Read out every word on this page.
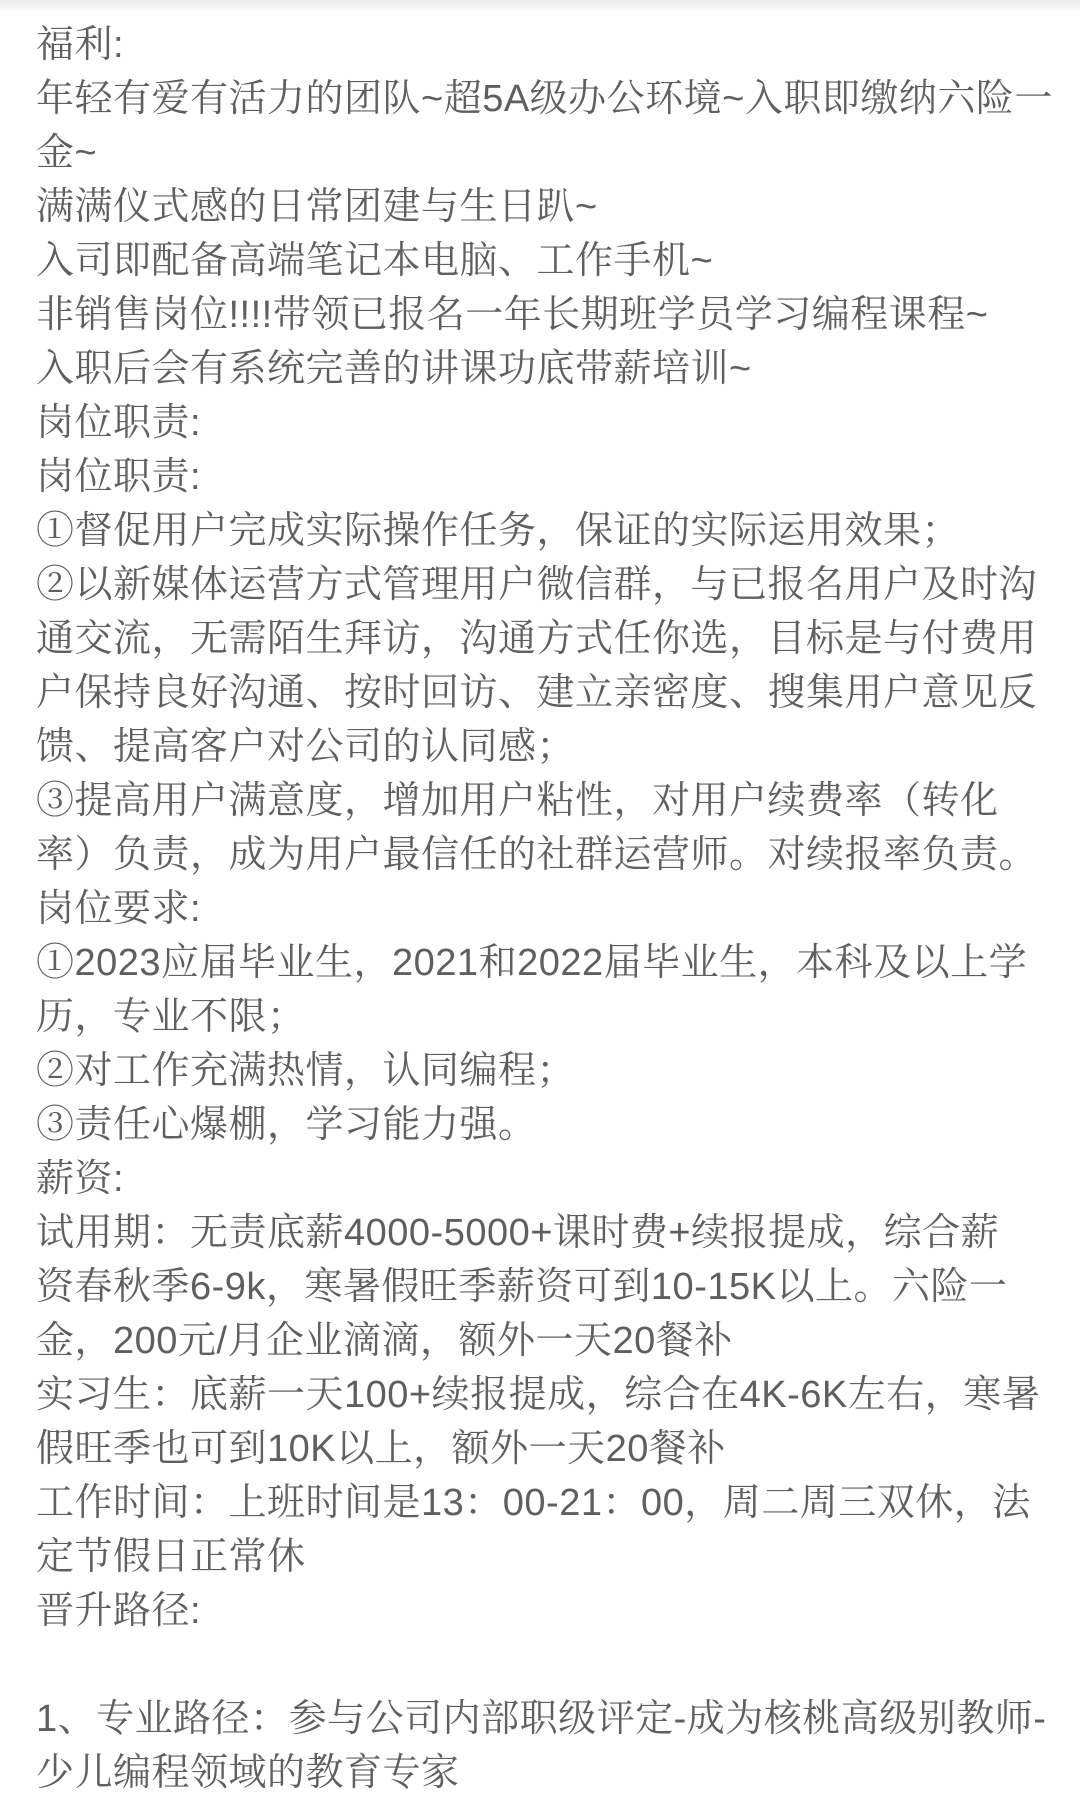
福利:
年轻有爱有活力的团队~超5A级办公环境~入职即缴纳六险一
金~
满满仪式感的日常团建与生日趴~
入司即配备高端笔记本电脑、工作手机~
非销售岗位!!!!带领已报名一年长期班学员学习编程课程~
入职后会有系统完善的讲课功底带薪培训~
岗位职责:
岗位职责:
①督促用户完成实际操作任务，保证的实际运用效果；
②以新媒体运营方式管理用户微信群，与已报名用户及时沟
通交流，无需陌生拜访，沟通方式任你选，目标是与付费用
户保持良好沟通、按时回访、建立亲密度、搜集用户意见反
馈、提高客户对公司的认同感；
③提高用户满意度，增加用户粘性，对用户续费率（转化
率）负责，成为用户最信任的社群运营师。对续报率负责。
岗位要求:
①2023应届毕业生，2021和2022届毕业生，本科及以上学
历，专业不限；
②对工作充满热情，认同编程；
③责任心爆棚，学习能力强。
薪资:
试用期：无责底薪4000-5000+课时费+续报提成，综合薪
资春秋季6-9k，寒暑假旺季薪资可到10-15K以上。六险一
金，200元/月企业滴滴，额外一天20餐补
实习生：底薪一天100+续报提成，综合在4K-6K左右，寒暑
假旺季也可到10K以上，额外一天20餐补
工作时间：上班时间是13：00-21：00，周二周三双休，法
定节假日正常休
晋升路径:

1、专业路径：参与公司内部职级评定-成为核桃高级别教师-
少儿编程领域的教育专家
